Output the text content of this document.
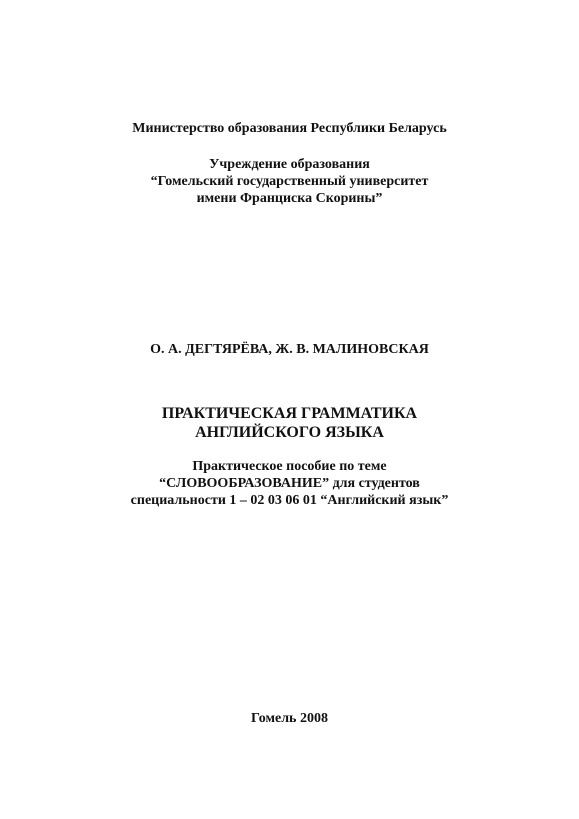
Министерство образования Республики Беларусь
Учреждение образования
“Гомельский государственный университет
имени Франциска Скорины”
О. А. ДЕГТЯРЁВА, Ж. В. МАЛИНОВСКАЯ
ПРАКТИЧЕСКАЯ ГРАММАТИКА
АНГЛИЙСКОГО ЯЗЫКА
Практическое пособие по теме
“СЛОВООБРАЗОВАНИЕ” для студентов
специальности 1 – 02 03 06 01 “Английский язык”
Гомель 2008
